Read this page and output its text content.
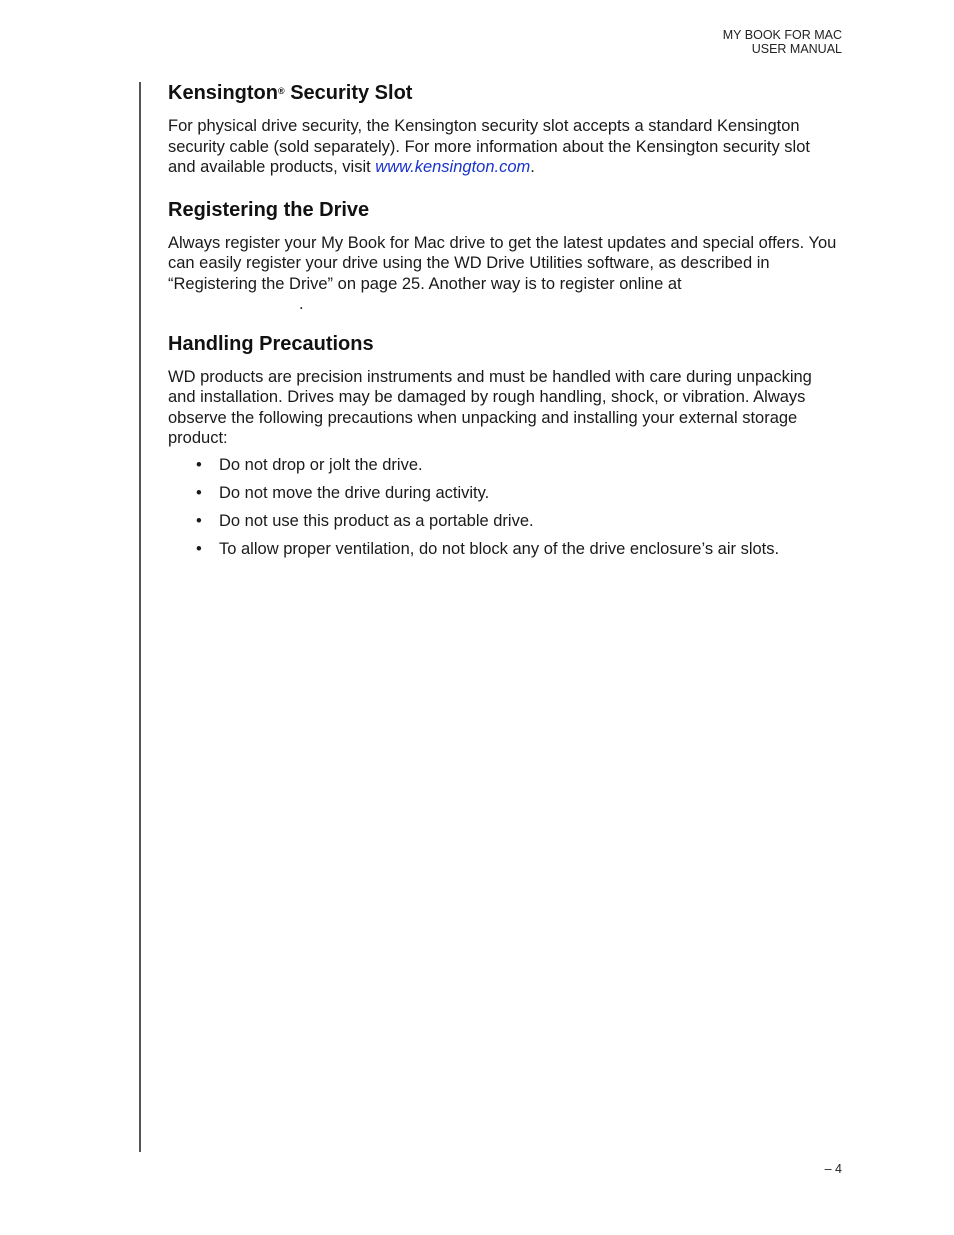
MY BOOK FOR MAC
USER MANUAL
Kensington® Security Slot

For physical drive security, the Kensington security slot accepts a standard Kensington security cable (sold separately). For more information about the Kensington security slot and available products, visit www.kensington.com.

Registering the Drive

Always register your My Book for Mac drive to get the latest updates and special offers. You can easily register your drive using the WD Drive Utilities software, as described in “Registering the Drive” on page 25. Another way is to register online at

.

Handling Precautions

WD products are precision instruments and must be handled with care during unpacking and installation. Drives may be damaged by rough handling, shock, or vibration. Always observe the following precautions when unpacking and installing your external storage product:

• Do not drop or jolt the drive.
• Do not move the drive during activity.
• Do not use this product as a portable drive.
• To allow proper ventilation, do not block any of the drive enclosure’s air slots.
– 4
